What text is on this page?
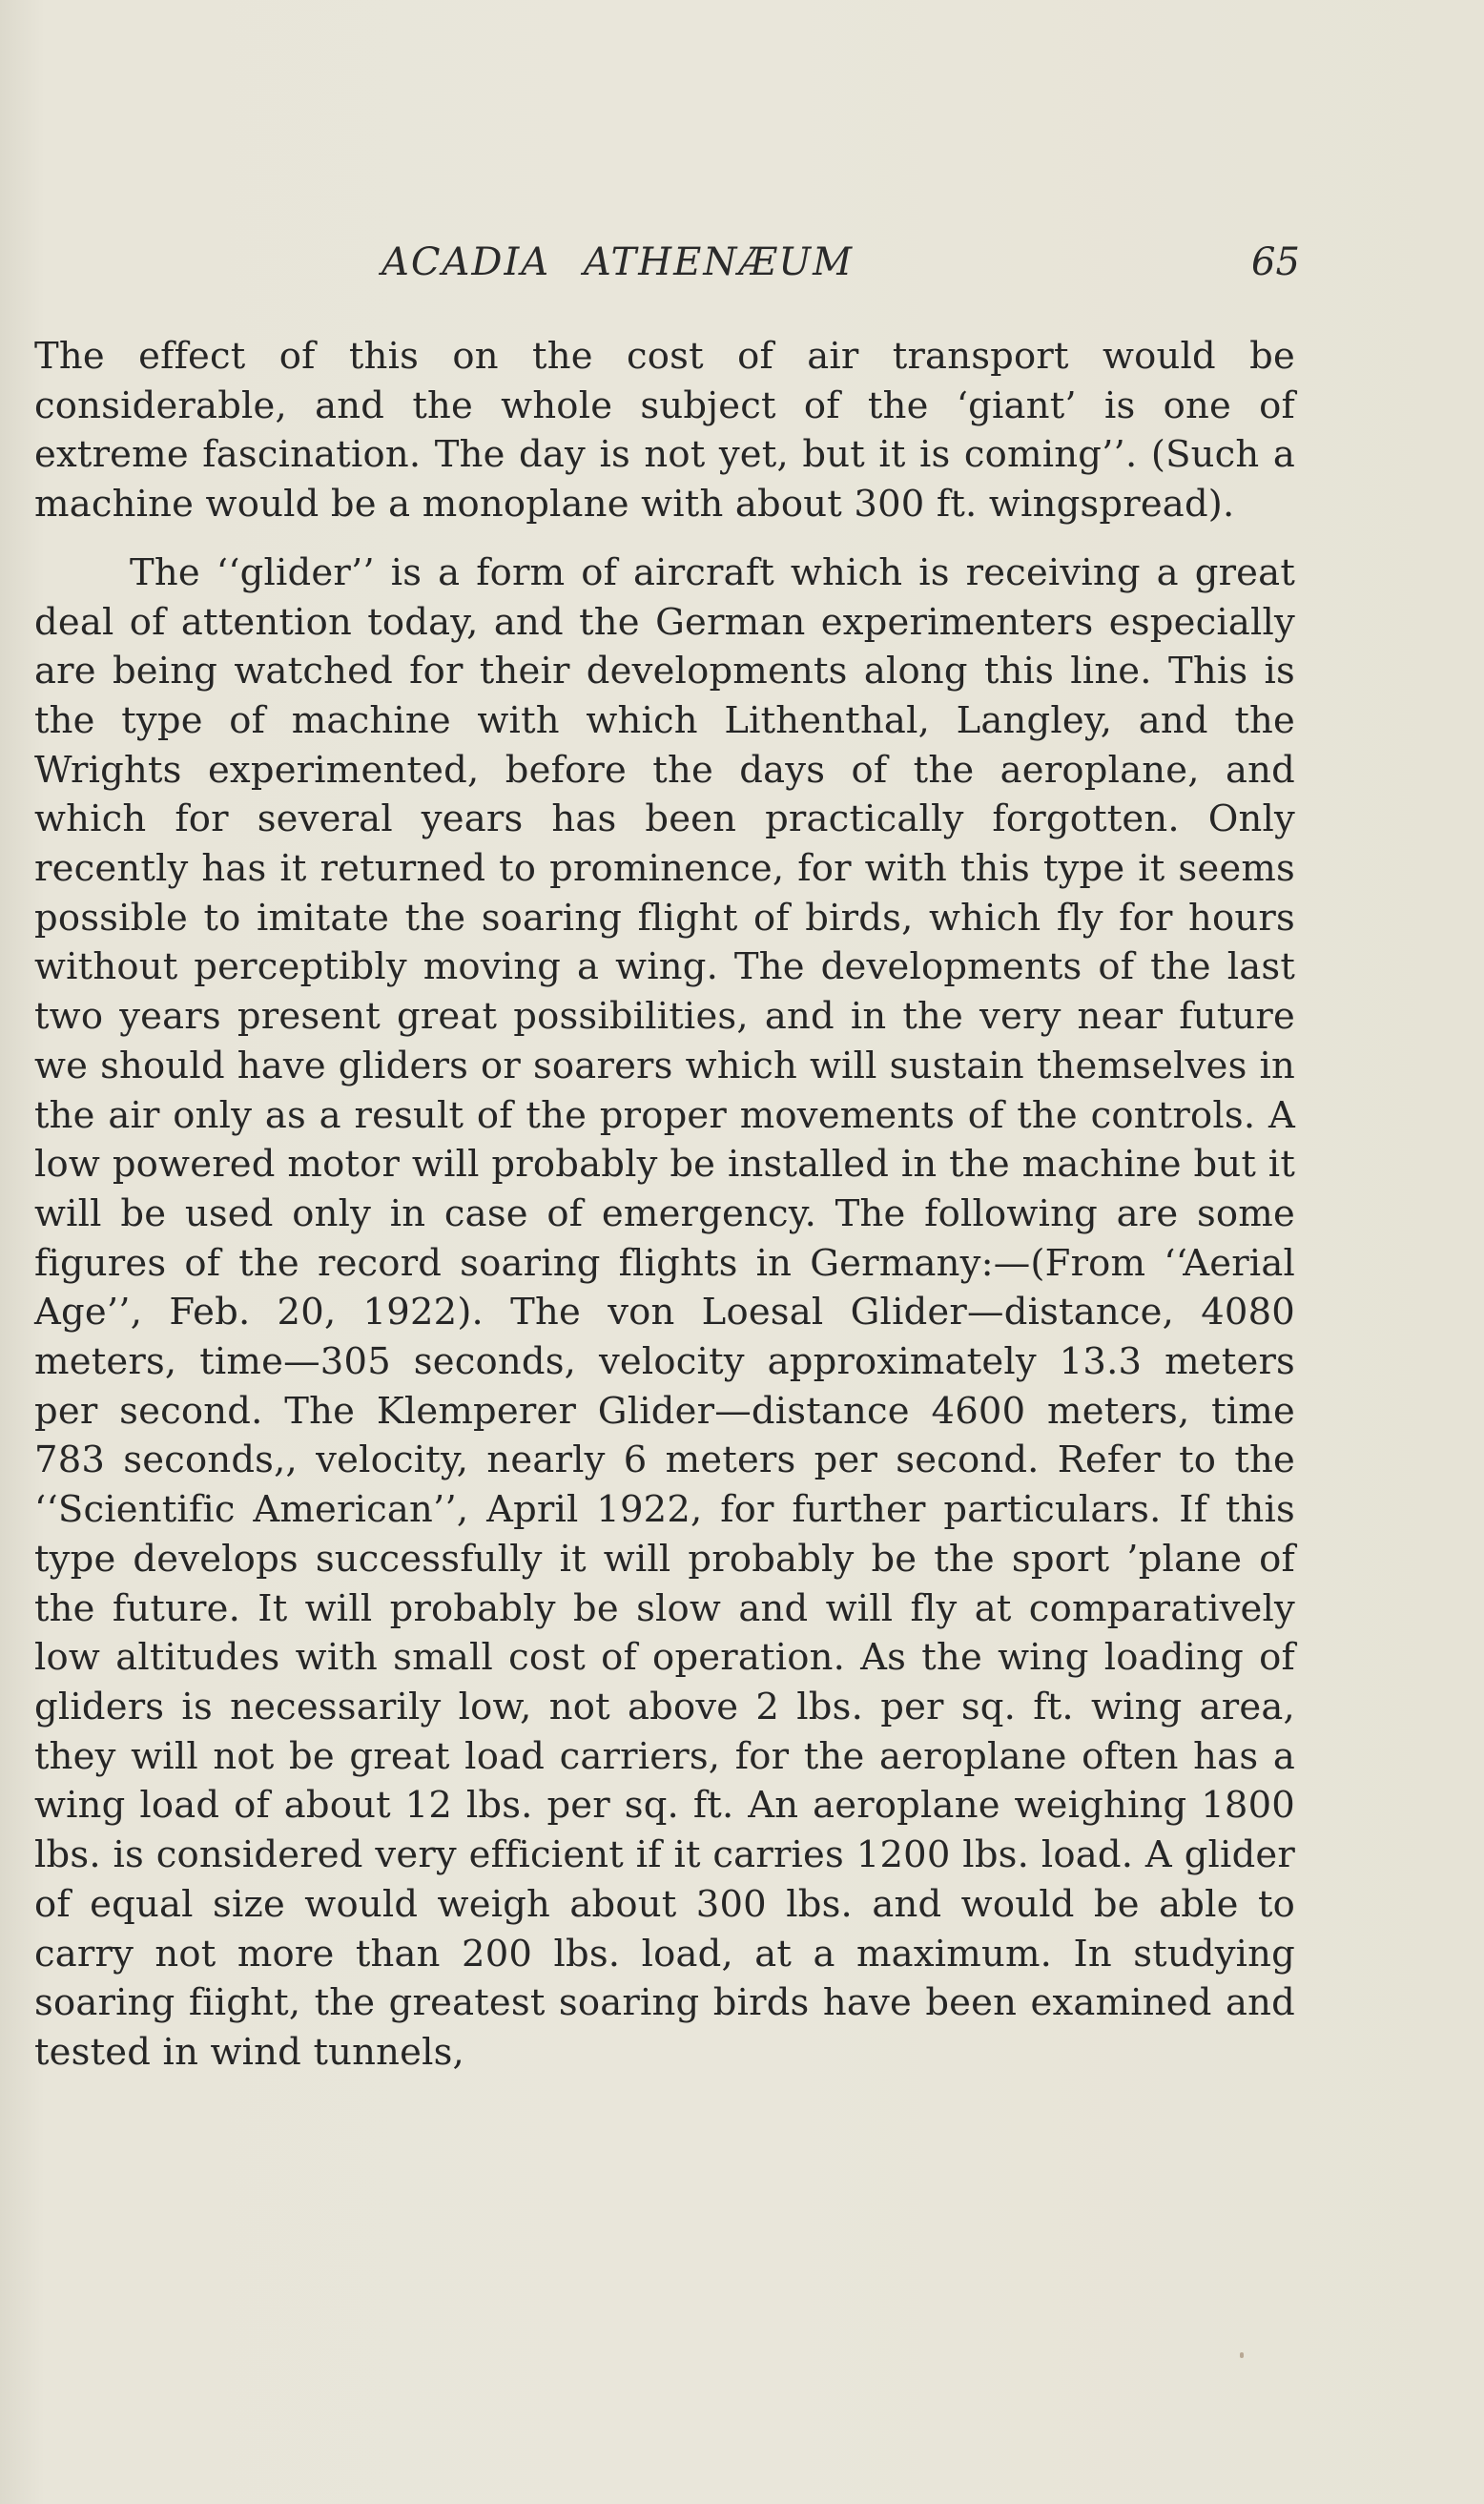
ACADIA ATHENÆUM	65

The effect of this on the cost of air transport would be considerable, and the whole subject of the ‘giant’ is one of extreme fascination. The day is not yet, but it is coming’’. (Such a machine would be a monoplane with about 300 ft. wingspread).

The ‘‘glider’’ is a form of aircraft which is receiving a great deal of attention today, and the German experimenters especially are being watched for their developments along this line. This is the type of machine with which Lithenthal, Langley, and the Wrights experimented, before the days of the aeroplane, and which for several years has been practically forgotten. Only recently has it returned to prominence, for with this type it seems possible to imitate the soaring flight of birds, which fly for hours without perceptibly moving a wing. The developments of the last two years present great possibilities, and in the very near future we should have gliders or soarers which will sustain themselves in the air only as a result of the proper movements of the controls. A low powered motor will probably be installed in the machine but it will be used only in case of emergency. The following are some figures of the record soaring flights in Germany:—(From ‘‘Aerial Age’’, Feb. 20, 1922). The von Loesal Glider—distance, 4080 meters, time—305 seconds, velocity approximately 13.3 meters per second. The Klemperer Glider—distance 4600 meters, time 783 seconds,, velocity, nearly 6 meters per second. Refer to the ‘‘Scientific American’’, April 1922, for further particulars. If this type develops successfully it will probably be the sport ’plane of the future. It will probably be slow and will fly at comparatively low altitudes with small cost of operation. As the wing loading of gliders is necessarily low, not above 2 lbs. per sq. ft. wing area, they will not be great load carriers, for the aeroplane often has a wing load of about 12 lbs. per sq. ft. An aeroplane weighing 1800 lbs. is considered very efficient if it carries 1200 lbs. load. A glider of equal size would weigh about 300 lbs. and would be able to carry not more than 200 lbs. load, at a maximum. In studying soaring fiight, the greatest soaring birds have been examined and tested in wind tunnels,
